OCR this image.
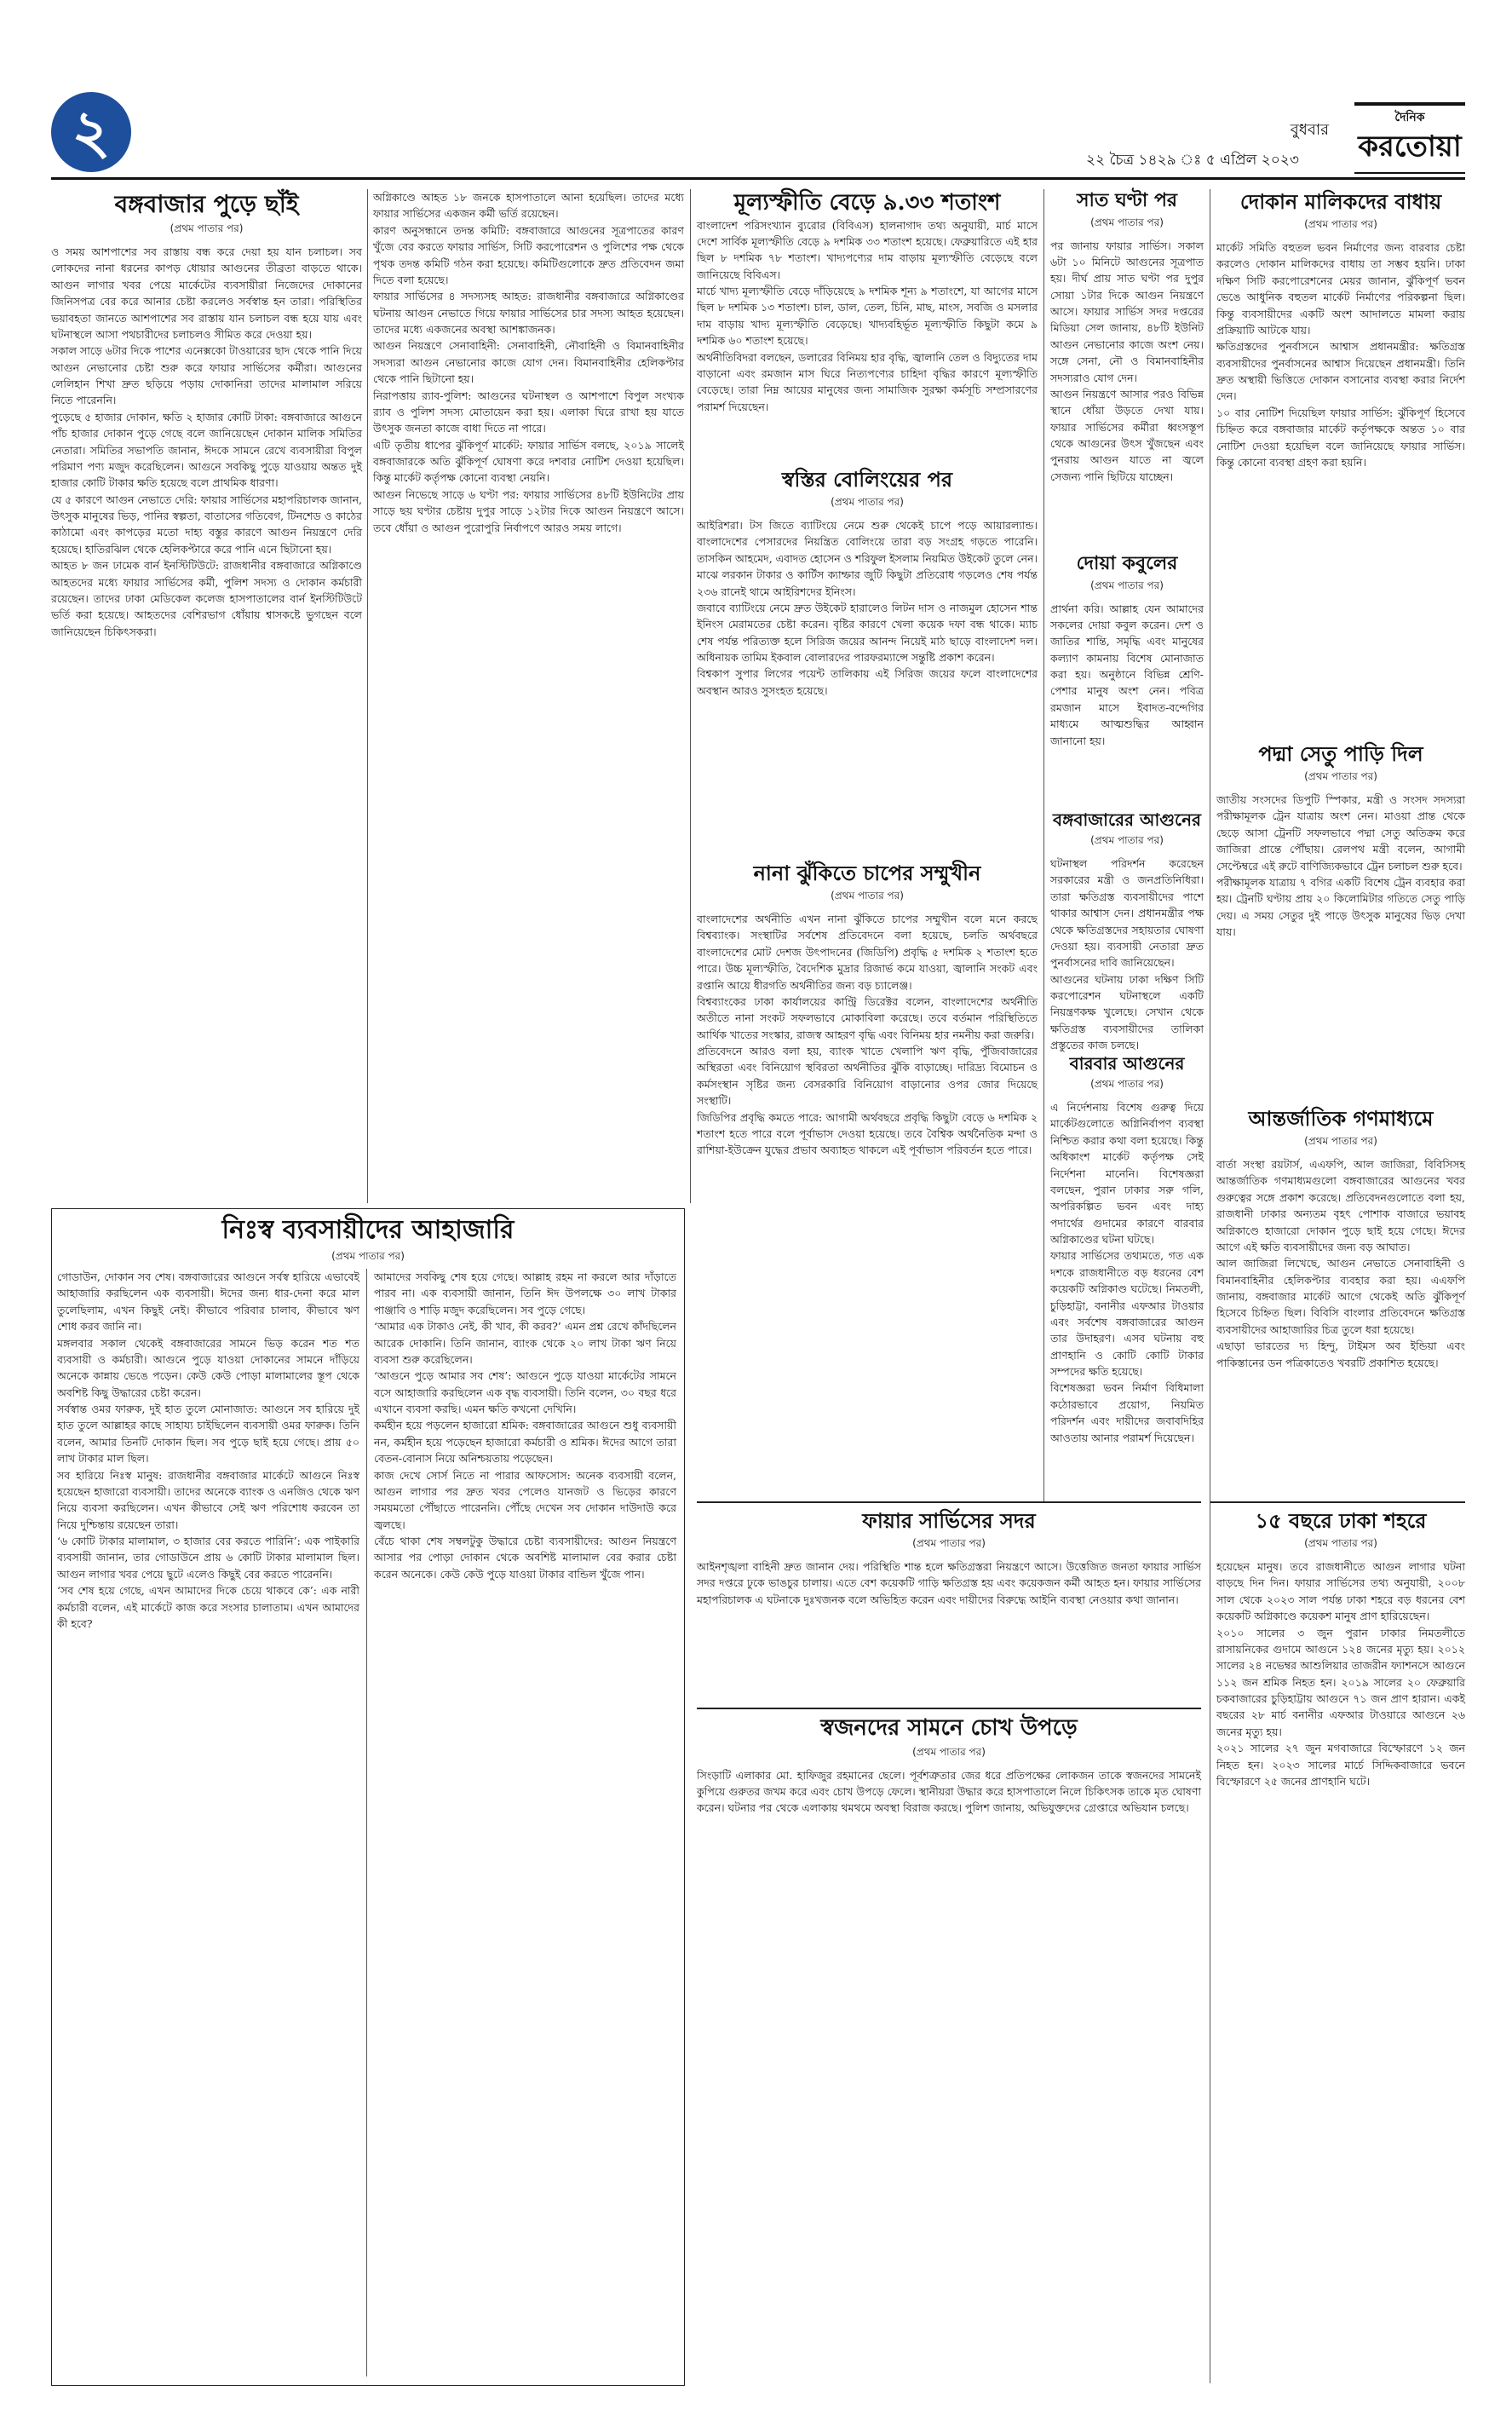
২	বুধবার
২২ চৈত্র ১৪২৯ ঃ ৫ এপ্রিল ২০২৩
দৈনিক
করতোয়া
বঙ্গবাজার পুড়ে ছাঁই
(প্রথম পাতার পর)

ও সময় আশপাশের সব রাস্তায় বন্ধ করে দেয়া হয় যান চলাচল। সব লোকদের নানা ধরনের কাপড় ধোয়ার আগুনের তীব্রতা বাড়তে থাকে। আগুন লাগার খবর পেয়ে মার্কেটের ব্যবসায়ীরা নিজেদের দোকানের জিনিসপত্র বের করে আনার চেষ্টা করলেও সর্বস্বান্ত হন তারা। পরিস্থিতির ভয়াবহতা জানতে আশপাশের সব রাস্তায় যান চলাচল বন্ধ হয়ে যায় এবং ঘটনাস্থলে আসা পথচারীদের চলাচলও সীমিত করে দেওয়া হয়।
সকাল সাড়ে ৬টার দিকে পাশের এনেক্সকো টাওয়ারের ছাদ থেকে পানি দিয়ে আগুন নেভানোর চেষ্টা শুরু করে ফায়ার সার্ভিসের কর্মীরা। আগুনের লেলিহান শিখা দ্রুত ছড়িয়ে পড়ায় দোকানিরা তাদের মালামাল সরিয়ে নিতে পারেননি।
পুড়েছে ৫ হাজার দোকান, ক্ষতি ২ হাজার কোটি টাকা: বঙ্গবাজারে আগুনে পাঁচ হাজার দোকান পুড়ে গেছে বলে জানিয়েছেন দোকান মালিক সমিতির নেতারা। সমিতির সভাপতি জানান, ঈদকে সামনে রেখে ব্যবসায়ীরা বিপুল পরিমাণ পণ্য মজুদ করেছিলেন। আগুনে সবকিছু পুড়ে যাওয়ায় অন্তত দুই হাজার কোটি টাকার ক্ষতি হয়েছে বলে প্রাথমিক ধারণা।
যে ৫ কারণে আগুন নেভাতে দেরি: ফায়ার সার্ভিসের মহাপরিচালক জানান, উৎসুক মানুষের ভিড়, পানির স্বল্পতা, বাতাসের গতিবেগ, টিনশেড ও কাঠের কাঠামো এবং কাপড়ের মতো দাহ্য বস্তুর কারণে আগুন নিয়ন্ত্রণে দেরি হয়েছে। হাতিরঝিল থেকে হেলিকপ্টারে করে পানি এনে ছিটানো হয়।
আহত ৮ জন ঢামেক বার্ন ইনস্টিটিউটে: রাজধানীর বঙ্গবাজারে অগ্নিকাণ্ডে আহতদের মধ্যে ফায়ার সার্ভিসের কর্মী, পুলিশ সদস্য ও দোকান কর্মচারী রয়েছেন। তাদের ঢাকা মেডিকেল কলেজ হাসপাতালের বার্ন ইনস্টিটিউটে ভর্তি করা হয়েছে। আহতদের বেশিরভাগ ধোঁয়ায় শ্বাসকষ্টে ভুগছেন বলে জানিয়েছেন চিকিৎসকরা।

অগ্নিকাণ্ডে আহত ১৮ জনকে হাসপাতালে আনা হয়েছিল। তাদের মধ্যে ফায়ার সার্ভিসের একজন কর্মী ভর্তি রয়েছেন।
কারণ অনুসন্ধানে তদন্ত কমিটি: বঙ্গবাজারে আগুনের সূত্রপাতের কারণ খুঁজে বের করতে ফায়ার সার্ভিস, সিটি করপোরেশন ও পুলিশের পক্ষ থেকে পৃথক তদন্ত কমিটি গঠন করা হয়েছে। কমিটিগুলোকে দ্রুত প্রতিবেদন জমা দিতে বলা হয়েছে।
ফায়ার সার্ভিসের ৪ সদস্যসহ আহত: রাজধানীর বঙ্গবাজারে অগ্নিকাণ্ডের ঘটনায় আগুন নেভাতে গিয়ে ফায়ার সার্ভিসের চার সদস্য আহত হয়েছেন। তাদের মধ্যে একজনের অবস্থা আশঙ্কাজনক।
আগুন নিয়ন্ত্রণে সেনাবাহিনী: সেনাবাহিনী, নৌবাহিনী ও বিমানবাহিনীর সদস্যরা আগুন নেভানোর কাজে যোগ দেন। বিমানবাহিনীর হেলিকপ্টার থেকে পানি ছিটানো হয়।
নিরাপত্তায় র‍্যাব-পুলিশ: আগুনের ঘটনাস্থল ও আশপাশে বিপুল সংখ্যক র‍্যাব ও পুলিশ সদস্য মোতায়েন করা হয়। এলাকা ঘিরে রাখা হয় যাতে উৎসুক জনতা কাজে বাধা দিতে না পারে।
এটি তৃতীয় ধাপের ঝুঁকিপূর্ণ মার্কেট: ফায়ার সার্ভিস বলছে, ২০১৯ সালেই বঙ্গবাজারকে অতি ঝুঁকিপূর্ণ ঘোষণা করে দশবার নোটিশ দেওয়া হয়েছিল। কিন্তু মার্কেট কর্তৃপক্ষ কোনো ব্যবস্থা নেয়নি।
আগুন নিভেছে সাড়ে ৬ ঘণ্টা পর: ফায়ার সার্ভিসের ৪৮টি ইউনিটের প্রায় সাড়ে ছয় ঘণ্টার চেষ্টায় দুপুর সাড়ে ১২টার দিকে আগুন নিয়ন্ত্রণে আসে। তবে ধোঁয়া ও আগুন পুরোপুরি নির্বাপণে আরও সময় লাগে।

মূল্যস্ফীতি বেড়ে ৯.৩৩ শতাংশ

বাংলাদেশ পরিসংখ্যান ব্যুরোর (বিবিএস) হালনাগাদ তথ্য অনুযায়ী, মার্চ মাসে দেশে সার্বিক মূল্যস্ফীতি বেড়ে ৯ দশমিক ৩৩ শতাংশ হয়েছে। ফেব্রুয়ারিতে এই হার ছিল ৮ দশমিক ৭৮ শতাংশ। খাদ্যপণ্যের দাম বাড়ায় মূল্যস্ফীতি বেড়েছে বলে জানিয়েছে বিবিএস।
মার্চে খাদ্য মূল্যস্ফীতি বেড়ে দাঁড়িয়েছে ৯ দশমিক শূন্য ৯ শতাংশে, যা আগের মাসে ছিল ৮ দশমিক ১৩ শতাংশ। চাল, ডাল, তেল, চিনি, মাছ, মাংস, সবজি ও মসলার দাম বাড়ায় খাদ্য মূল্যস্ফীতি বেড়েছে। খাদ্যবহির্ভূত মূল্যস্ফীতি কিছুটা কমে ৯ দশমিক ৬০ শতাংশ হয়েছে।
অর্থনীতিবিদরা বলছেন, ডলারের বিনিময় হার বৃদ্ধি, জ্বালানি তেল ও বিদ্যুতের দাম বাড়ানো এবং রমজান মাস ঘিরে নিত্যপণ্যের চাহিদা বৃদ্ধির কারণে মূল্যস্ফীতি বেড়েছে। তারা নিম্ন আয়ের মানুষের জন্য সামাজিক সুরক্ষা কর্মসূচি সম্প্রসারণের পরামর্শ দিয়েছেন।

স্বস্তির বোলিংয়ের পর
(প্রথম পাতার পর)

আইরিশরা। টস জিতে ব্যাটিংয়ে নেমে শুরু থেকেই চাপে পড়ে আয়ারল্যান্ড। বাংলাদেশের পেসারদের নিয়ন্ত্রিত বোলিংয়ে তারা বড় সংগ্রহ গড়তে পারেনি। তাসকিন আহমেদ, এবাদত হোসেন ও শরিফুল ইসলাম নিয়মিত উইকেট তুলে নেন। মাঝে লরকান টাকার ও কার্টিস ক্যাম্ফার জুটি কিছুটা প্রতিরোধ গড়লেও শেষ পর্যন্ত ২৩৬ রানেই থামে আইরিশদের ইনিংস।
জবাবে ব্যাটিংয়ে নেমে দ্রুত উইকেট হারালেও লিটন দাস ও নাজমুল হোসেন শান্ত ইনিংস মেরামতের চেষ্টা করেন। বৃষ্টির কারণে খেলা কয়েক দফা বন্ধ থাকে। ম্যাচ শেষ পর্যন্ত পরিত্যক্ত হলে সিরিজ জয়ের আনন্দ নিয়েই মাঠ ছাড়ে বাংলাদেশ দল। অধিনায়ক তামিম ইকবাল বোলারদের পারফরম্যান্সে সন্তুষ্টি প্রকাশ করেন।
বিশ্বকাপ সুপার লিগের পয়েন্ট তালিকায় এই সিরিজ জয়ের ফলে বাংলাদেশের অবস্থান আরও সুসংহত হয়েছে।

নানা ঝুঁকিতে চাপের সম্মুখীন
(প্রথম পাতার পর)

বাংলাদেশের অর্থনীতি এখন নানা ঝুঁকিতে চাপের সম্মুখীন বলে মনে করছে বিশ্বব্যাংক। সংস্থাটির সর্বশেষ প্রতিবেদনে বলা হয়েছে, চলতি অর্থবছরে বাংলাদেশের মোট দেশজ উৎপাদনের (জিডিপি) প্রবৃদ্ধি ৫ দশমিক ২ শতাংশ হতে পারে। উচ্চ মূল্যস্ফীতি, বৈদেশিক মুদ্রার রিজার্ভ কমে যাওয়া, জ্বালানি সংকট এবং রপ্তানি আয়ে ধীরগতি অর্থনীতির জন্য বড় চ্যালেঞ্জ।
বিশ্বব্যাংকের ঢাকা কার্যালয়ের কান্ট্রি ডিরেক্টর বলেন, বাংলাদেশের অর্থনীতি অতীতে নানা সংকট সফলভাবে মোকাবিলা করেছে। তবে বর্তমান পরিস্থিতিতে আর্থিক খাতের সংস্কার, রাজস্ব আহরণ বৃদ্ধি এবং বিনিময় হার নমনীয় করা জরুরি।
প্রতিবেদনে আরও বলা হয়, ব্যাংক খাতে খেলাপি ঋণ বৃদ্ধি, পুঁজিবাজারের অস্থিরতা এবং বিনিয়োগ স্থবিরতা অর্থনীতির ঝুঁকি বাড়াচ্ছে। দারিদ্র্য বিমোচন ও কর্মসংস্থান সৃষ্টির জন্য বেসরকারি বিনিয়োগ বাড়ানোর ওপর জোর দিয়েছে সংস্থাটি।
জিডিপির প্রবৃদ্ধি কমতে পারে: আগামী অর্থবছরে প্রবৃদ্ধি কিছুটা বেড়ে ৬ দশমিক ২ শতাংশ হতে পারে বলে পূর্বাভাস দেওয়া হয়েছে। তবে বৈশ্বিক অর্থনৈতিক মন্দা ও রাশিয়া-ইউক্রেন যুদ্ধের প্রভাব অব্যাহত থাকলে এই পূর্বাভাস পরিবর্তন হতে পারে।

সাত ঘণ্টা পর
(প্রথম পাতার পর)

পর জানায় ফায়ার সার্ভিস। সকাল ৬টা ১০ মিনিটে আগুনের সূত্রপাত হয়। দীর্ঘ প্রায় সাত ঘণ্টা পর দুপুর সোয়া ১টার দিকে আগুন নিয়ন্ত্রণে আসে। ফায়ার সার্ভিস সদর দপ্তরের মিডিয়া সেল জানায়, ৪৮টি ইউনিট আগুন নেভানোর কাজে অংশ নেয়। সঙ্গে সেনা, নৌ ও বিমানবাহিনীর সদস্যরাও যোগ দেন।
আগুন নিয়ন্ত্রণে আসার পরও বিভিন্ন স্থানে ধোঁয়া উড়তে দেখা যায়। ফায়ার সার্ভিসের কর্মীরা ধ্বংসস্তূপ থেকে আগুনের উৎস খুঁজছেন এবং পুনরায় আগুন যাতে না জ্বলে সেজন্য পানি ছিটিয়ে যাচ্ছেন।

দোয়া কবুলের
(প্রথম পাতার পর)

প্রার্থনা করি। আল্লাহ যেন আমাদের সকলের দোয়া কবুল করেন। দেশ ও জাতির শান্তি, সমৃদ্ধি এবং মানুষের কল্যাণ কামনায় বিশেষ মোনাজাত করা হয়। অনুষ্ঠানে বিভিন্ন শ্রেণি-পেশার মানুষ অংশ নেন। পবিত্র রমজান মাসে ইবাদত-বন্দেগির মাধ্যমে আত্মশুদ্ধির আহ্বান জানানো হয়।

বঙ্গবাজারের আগুনের
(প্রথম পাতার পর)

ঘটনাস্থল পরিদর্শন করেছেন সরকারের মন্ত্রী ও জনপ্রতিনিধিরা। তারা ক্ষতিগ্রস্ত ব্যবসায়ীদের পাশে থাকার আশ্বাস দেন। প্রধানমন্ত্রীর পক্ষ থেকে ক্ষতিগ্রস্তদের সহায়তার ঘোষণা দেওয়া হয়। ব্যবসায়ী নেতারা দ্রুত পুনর্বাসনের দাবি জানিয়েছেন।
আগুনের ঘটনায় ঢাকা দক্ষিণ সিটি করপোরেশন ঘটনাস্থলে একটি নিয়ন্ত্রণকক্ষ খুলেছে। সেখান থেকে ক্ষতিগ্রস্ত ব্যবসায়ীদের তালিকা প্রস্তুতের কাজ চলছে।

বারবার আগুনের
(প্রথম পাতার পর)

এ নির্দেশনায় বিশেষ গুরুত্ব দিয়ে মার্কেটগুলোতে অগ্নিনির্বাপণ ব্যবস্থা নিশ্চিত করার কথা বলা হয়েছে। কিন্তু অধিকাংশ মার্কেট কর্তৃপক্ষ সেই নির্দেশনা মানেনি। বিশেষজ্ঞরা বলছেন, পুরান ঢাকার সরু গলি, অপরিকল্পিত ভবন এবং দাহ্য পদার্থের গুদামের কারণে বারবার অগ্নিকাণ্ডের ঘটনা ঘটছে।
ফায়ার সার্ভিসের তথ্যমতে, গত এক দশকে রাজধানীতে বড় ধরনের বেশ কয়েকটি অগ্নিকাণ্ড ঘটেছে। নিমতলী, চুড়িহাট্টা, বনানীর এফআর টাওয়ার এবং সর্বশেষ বঙ্গবাজারের আগুন তার উদাহরণ। এসব ঘটনায় বহু প্রাণহানি ও কোটি কোটি টাকার সম্পদের ক্ষতি হয়েছে।
বিশেষজ্ঞরা ভবন নির্মাণ বিধিমালা কঠোরভাবে প্রয়োগ, নিয়মিত পরিদর্শন এবং দায়ীদের জবাবদিহির আওতায় আনার পরামর্শ দিয়েছেন।

দোকান মালিকদের বাধায়
(প্রথম পাতার পর)

মার্কেট সমিতি বহুতল ভবন নির্মাণের জন্য বারবার চেষ্টা করলেও দোকান মালিকদের বাধায় তা সম্ভব হয়নি। ঢাকা দক্ষিণ সিটি করপোরেশনের মেয়র জানান, ঝুঁকিপূর্ণ ভবন ভেঙে আধুনিক বহুতল মার্কেট নির্মাণের পরিকল্পনা ছিল। কিন্তু ব্যবসায়ীদের একটি অংশ আদালতে মামলা করায় প্রক্রিয়াটি আটকে যায়।
ক্ষতিগ্রস্তদের পুনর্বাসনে আশ্বাস প্রধানমন্ত্রীর: ক্ষতিগ্রস্ত ব্যবসায়ীদের পুনর্বাসনের আশ্বাস দিয়েছেন প্রধানমন্ত্রী। তিনি দ্রুত অস্থায়ী ভিত্তিতে দোকান বসানোর ব্যবস্থা করার নির্দেশ দেন।
১০ বার নোটিশ দিয়েছিল ফায়ার সার্ভিস: ঝুঁকিপূর্ণ হিসেবে চিহ্নিত করে বঙ্গবাজার মার্কেট কর্তৃপক্ষকে অন্তত ১০ বার নোটিশ দেওয়া হয়েছিল বলে জানিয়েছে ফায়ার সার্ভিস। কিন্তু কোনো ব্যবস্থা গ্রহণ করা হয়নি।

পদ্মা সেতু পাড়ি দিল
(প্রথম পাতার পর)

জাতীয় সংসদের ডিপুটি স্পিকার, মন্ত্রী ও সংসদ সদস্যরা পরীক্ষামূলক ট্রেন যাত্রায় অংশ নেন। মাওয়া প্রান্ত থেকে ছেড়ে আসা ট্রেনটি সফলভাবে পদ্মা সেতু অতিক্রম করে জাজিরা প্রান্তে পৌঁছায়। রেলপথ মন্ত্রী বলেন, আগামী সেপ্টেম্বরে এই রুটে বাণিজ্যিকভাবে ট্রেন চলাচল শুরু হবে।
পরীক্ষামূলক যাত্রায় ৭ বগির একটি বিশেষ ট্রেন ব্যবহার করা হয়। ট্রেনটি ঘণ্টায় প্রায় ২০ কিলোমিটার গতিতে সেতু পাড়ি দেয়। এ সময় সেতুর দুই পাড়ে উৎসুক মানুষের ভিড় দেখা যায়।

আন্তর্জাতিক গণমাধ্যমে
(প্রথম পাতার পর)

বার্তা সংস্থা রয়টার্স, এএফপি, আল জাজিরা, বিবিসিসহ আন্তর্জাতিক গণমাধ্যমগুলো বঙ্গবাজারের আগুনের খবর গুরুত্বের সঙ্গে প্রকাশ করেছে। প্রতিবেদনগুলোতে বলা হয়, রাজধানী ঢাকার অন্যতম বৃহৎ পোশাক বাজারে ভয়াবহ অগ্নিকাণ্ডে হাজারো দোকান পুড়ে ছাই হয়ে গেছে। ঈদের আগে এই ক্ষতি ব্যবসায়ীদের জন্য বড় আঘাত।
আল জাজিরা লিখেছে, আগুন নেভাতে সেনাবাহিনী ও বিমানবাহিনীর হেলিকপ্টার ব্যবহার করা হয়। এএফপি জানায়, বঙ্গবাজার মার্কেট আগে থেকেই অতি ঝুঁকিপূর্ণ হিসেবে চিহ্নিত ছিল। বিবিসি বাংলার প্রতিবেদনে ক্ষতিগ্রস্ত ব্যবসায়ীদের আহাজারির চিত্র তুলে ধরা হয়েছে।
এছাড়া ভারতের দ্য হিন্দু, টাইমস অব ইন্ডিয়া এবং পাকিস্তানের ডন পত্রিকাতেও খবরটি প্রকাশিত হয়েছে।

নিঃস্ব ব্যবসায়ীদের আহাজারি
(প্রথম পাতার পর)

গোডাউন, দোকান সব শেষ। বঙ্গবাজারের আগুনে সর্বস্ব হারিয়ে এভাবেই আহাজারি করছিলেন এক ব্যবসায়ী। ঈদের জন্য ধার-দেনা করে মাল তুলেছিলাম, এখন কিছুই নেই। কীভাবে পরিবার চালাব, কীভাবে ঋণ শোধ করব জানি না।
মঙ্গলবার সকাল থেকেই বঙ্গবাজারের সামনে ভিড় করেন শত শত ব্যবসায়ী ও কর্মচারী। আগুনে পুড়ে যাওয়া দোকানের সামনে দাঁড়িয়ে অনেকে কান্নায় ভেঙে পড়েন। কেউ কেউ পোড়া মালামালের স্তূপ থেকে অবশিষ্ট কিছু উদ্ধারের চেষ্টা করেন।
সর্বস্বান্ত ওমর ফারুক, দুই হাত তুলে মোনাজাত: আগুনে সব হারিয়ে দুই হাত তুলে আল্লাহর কাছে সাহায্য চাইছিলেন ব্যবসায়ী ওমর ফারুক। তিনি বলেন, আমার তিনটি দোকান ছিল। সব পুড়ে ছাই হয়ে গেছে। প্রায় ৫০ লাখ টাকার মাল ছিল।
সব হারিয়ে নিঃস্ব মানুষ: রাজধানীর বঙ্গবাজার মার্কেটে আগুনে নিঃস্ব হয়েছেন হাজারো ব্যবসায়ী। তাদের অনেকে ব্যাংক ও এনজিও থেকে ঋণ নিয়ে ব্যবসা করছিলেন। এখন কীভাবে সেই ঋণ পরিশোধ করবেন তা নিয়ে দুশ্চিন্তায় রয়েছেন তারা।
‘৬ কোটি টাকার মালামাল, ৩ হাজার বের করতে পারিনি’: এক পাইকারি ব্যবসায়ী জানান, তার গোডাউনে প্রায় ৬ কোটি টাকার মালামাল ছিল। আগুন লাগার খবর পেয়ে ছুটে এলেও কিছুই বের করতে পারেননি।
‘সব শেষ হয়ে গেছে, এখন আমাদের দিকে চেয়ে থাকবে কে’: এক নারী কর্মচারী বলেন, এই মার্কেটে কাজ করে সংসার চালাতাম। এখন আমাদের কী হবে?

আমাদের সবকিছু শেষ হয়ে গেছে। আল্লাহ রহম না করলে আর দাঁড়াতে পারব না। এক ব্যবসায়ী জানান, তিনি ঈদ উপলক্ষে ৩০ লাখ টাকার পাঞ্জাবি ও শাড়ি মজুদ করেছিলেন। সব পুড়ে গেছে।
‘আমার এক টাকাও নেই, কী খাব, কী করব?’ এমন প্রশ্ন রেখে কাঁদছিলেন আরেক দোকানি। তিনি জানান, ব্যাংক থেকে ২০ লাখ টাকা ঋণ নিয়ে ব্যবসা শুরু করেছিলেন।
‘আগুনে পুড়ে আমার সব শেষ’: আগুনে পুড়ে যাওয়া মার্কেটের সামনে বসে আহাজারি করছিলেন এক বৃদ্ধ ব্যবসায়ী। তিনি বলেন, ৩০ বছর ধরে এখানে ব্যবসা করছি। এমন ক্ষতি কখনো দেখিনি।
কর্মহীন হয়ে পড়লেন হাজারো শ্রমিক: বঙ্গবাজারের আগুনে শুধু ব্যবসায়ী নন, কর্মহীন হয়ে পড়েছেন হাজারো কর্মচারী ও শ্রমিক। ঈদের আগে তারা বেতন-বোনাস নিয়ে অনিশ্চয়তায় পড়েছেন।
কাজ দেখে সোর্স নিতে না পারার আফসোস: অনেক ব্যবসায়ী বলেন, আগুন লাগার পর দ্রুত খবর পেলেও যানজট ও ভিড়ের কারণে সময়মতো পৌঁছাতে পারেননি। পৌঁছে দেখেন সব দোকান দাউদাউ করে জ্বলছে।
বেঁচে থাকা শেষ সম্বলটুকু উদ্ধারে চেষ্টা ব্যবসায়ীদের: আগুন নিয়ন্ত্রণে আসার পর পোড়া দোকান থেকে অবশিষ্ট মালামাল বের করার চেষ্টা করেন অনেকে। কেউ কেউ পুড়ে যাওয়া টাকার বান্ডিল খুঁজে পান।

ফায়ার সার্ভিসের সদর
(প্রথম পাতার পর)

আইনশৃঙ্খলা বাহিনী দ্রুত জানান দেয়। পরিস্থিতি শান্ত হলে ক্ষতিগ্রস্তরা নিয়ন্ত্রণে আসে। উত্তেজিত জনতা ফায়ার সার্ভিস সদর দপ্তরে ঢুকে ভাঙচুর চালায়। এতে বেশ কয়েকটি গাড়ি ক্ষতিগ্রস্ত হয় এবং কয়েকজন কর্মী আহত হন। ফায়ার সার্ভিসের মহাপরিচালক এ ঘটনাকে দুঃখজনক বলে অভিহিত করেন এবং দায়ীদের বিরুদ্ধে আইনি ব্যবস্থা নেওয়ার কথা জানান।

স্বজনদের সামনে চোখ উপড়ে
(প্রথম পাতার পর)

সিংড়াটি এলাকার মো. হাফিজুর রহমানের ছেলে। পূর্বশত্রুতার জের ধরে প্রতিপক্ষের লোকজন তাকে স্বজনদের সামনেই কুপিয়ে গুরুতর জখম করে এবং চোখ উপড়ে ফেলে। স্থানীয়রা উদ্ধার করে হাসপাতালে নিলে চিকিৎসক তাকে মৃত ঘোষণা করেন। ঘটনার পর থেকে এলাকায় থমথমে অবস্থা বিরাজ করছে। পুলিশ জানায়, অভিযুক্তদের গ্রেপ্তারে অভিযান চলছে।

১৫ বছরে ঢাকা শহরে
(প্রথম পাতার পর)

হয়েছেন মানুষ। তবে রাজধানীতে আগুন লাগার ঘটনা বাড়ছে দিন দিন। ফায়ার সার্ভিসের তথ্য অনুযায়ী, ২০০৮ সাল থেকে ২০২৩ সাল পর্যন্ত ঢাকা শহরে বড় ধরনের বেশ কয়েকটি অগ্নিকাণ্ডে কয়েকশ মানুষ প্রাণ হারিয়েছেন।
২০১০ সালের ৩ জুন পুরান ঢাকার নিমতলীতে রাসায়নিকের গুদামে আগুনে ১২৪ জনের মৃত্যু হয়। ২০১২ সালের ২৪ নভেম্বর আশুলিয়ার তাজরীন ফ্যাশনসে আগুনে ১১২ জন শ্রমিক নিহত হন। ২০১৯ সালের ২০ ফেব্রুয়ারি চকবাজারের চুড়িহাট্টায় আগুনে ৭১ জন প্রাণ হারান। একই বছরের ২৮ মার্চ বনানীর এফআর টাওয়ারে আগুনে ২৬ জনের মৃত্যু হয়।
২০২১ সালের ২৭ জুন মগবাজারে বিস্ফোরণে ১২ জন নিহত হন। ২০২৩ সালের মার্চে সিদ্দিকবাজারে ভবনে বিস্ফোরণে ২৫ জনের প্রাণহানি ঘটে।
